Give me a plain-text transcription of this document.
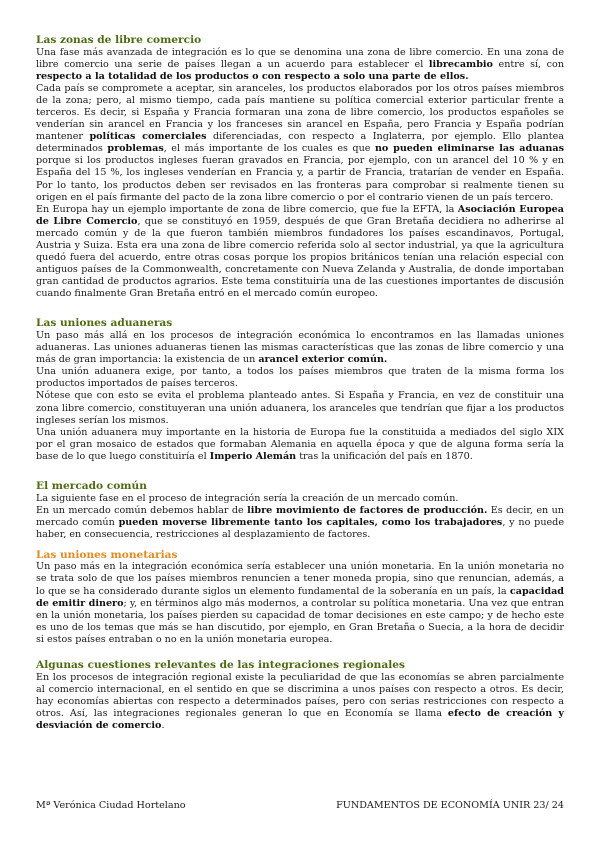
Las zonas de libre comercio

Una fase más avanzada de integración es lo que se denomina una zona de libre comercio. En una zona de libre comercio una serie de países llegan a un acuerdo para establecer el librecambio entre sí, con respecto a la totalidad de los productos o con respecto a solo una parte de ellos.

Cada país se compromete a aceptar, sin aranceles, los productos elaborados por los otros países miembros de la zona; pero, al mismo tiempo, cada país mantiene su política comercial exterior particular frente a terceros. Es decir, si España y Francia formaran una zona de libre comercio, los productos españoles se venderían sin arancel en Francia y los franceses sin arancel en España, pero Francia y España podrían mantener políticas comerciales diferenciadas, con respecto a Inglaterra, por ejemplo. Ello plantea determinados problemas, el más importante de los cuales es que no pueden eliminarse las aduanas porque si los productos ingleses fueran gravados en Francia, por ejemplo, con un arancel del 10 % y en España del 15 %, los ingleses venderían en Francia y, a partir de Francia, tratarían de vender en España. Por lo tanto, los productos deben ser revisados en las fronteras para comprobar si realmente tienen su origen en el país firmante del pacto de la zona libre comercio o por el contrario vienen de un país tercero.

En Europa hay un ejemplo importante de zona de libre comercio, que fue la EFTA, la Asociación Europea de Libre Comercio, que se constituyó en 1959, después de que Gran Bretaña decidiera no adherirse al mercado común y de la que fueron también miembros fundadores los países escandinavos, Portugal, Austria y Suiza. Esta era una zona de libre comercio referida solo al sector industrial, ya que la agricultura quedó fuera del acuerdo, entre otras cosas porque los propios británicos tenían una relación especial con antiguos países de la Commonwealth, concretamente con Nueva Zelanda y Australia, de donde importaban gran cantidad de productos agrarios. Este tema constituiría una de las cuestiones importantes de discusión cuando finalmente Gran Bretaña entró en el mercado común europeo.

Las uniones aduaneras

Un paso más allá en los procesos de integración económica lo encontramos en las llamadas uniones aduaneras. Las uniones aduaneras tienen las mismas características que las zonas de libre comercio y una más de gran importancia: la existencia de un arancel exterior común.

Una unión aduanera exige, por tanto, a todos los países miembros que traten de la misma forma los productos importados de países terceros.

Nótese que con esto se evita el problema planteado antes. Si España y Francia, en vez de constituir una zona libre comercio, constituyeran una unión aduanera, los aranceles que tendrían que fijar a los productos ingleses serían los mismos.

Una unión aduanera muy importante en la historia de Europa fue la constituida a mediados del siglo XIX por el gran mosaico de estados que formaban Alemania en aquella época y que de alguna forma sería la base de lo que luego constituiría el Imperio Alemán tras la unificación del país en 1870.

El mercado común

La siguiente fase en el proceso de integración sería la creación de un mercado común.

En un mercado común debemos hablar de libre movimiento de factores de producción. Es decir, en un mercado común pueden moverse libremente tanto los capitales, como los trabajadores, y no puede haber, en consecuencia, restricciones al desplazamiento de factores.

Las uniones monetarias

Un paso más en la integración económica sería establecer una unión monetaria. En la unión monetaria no se trata solo de que los países miembros renuncien a tener moneda propia, sino que renuncian, además, a lo que se ha considerado durante siglos un elemento fundamental de la soberanía en un país, la capacidad de emitir dinero; y, en términos algo más modernos, a controlar su política monetaria. Una vez que entran en la unión monetaria, los países pierden su capacidad de tomar decisiones en este campo; y de hecho este es uno de los temas que más se han discutido, por ejemplo, en Gran Bretaña o Suecia, a la hora de decidir si estos países entraban o no en la unión monetaria europea.

Algunas cuestiones relevantes de las integraciones regionales

En los procesos de integración regional existe la peculiaridad de que las economías se abren parcialmente al comercio internacional, en el sentido en que se discrimina a unos países con respecto a otros. Es decir, hay economías abiertas con respecto a determinados países, pero con serias restricciones con respecto a otros. Así, las integraciones regionales generan lo que en Economía se llama efecto de creación y desviación de comercio.

Mª Verónica Ciudad Hortelano	FUNDAMENTOS DE ECONOMÍA UNIR 23/ 24
